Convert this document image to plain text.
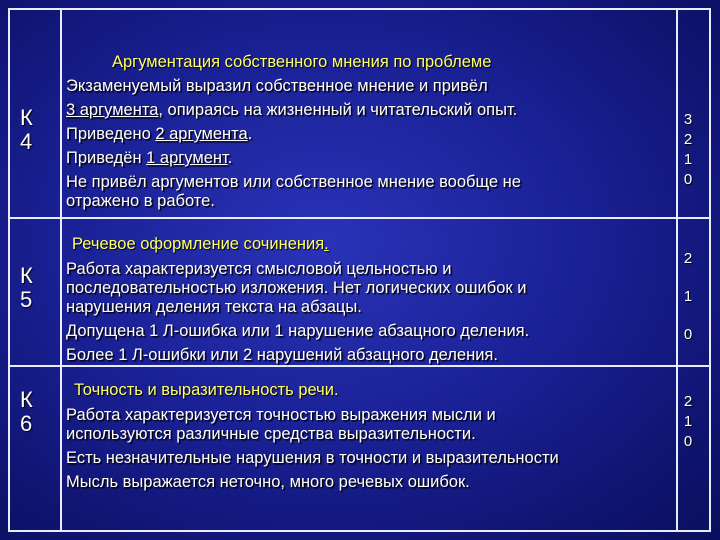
К
4
Аргументация собственного мнения по проблеме
Экзаменуемый выразил собственное мнение и привёл
3 аргумента, опираясь на жизненный и читательский опыт.
Приведено 2 аргумента.
Приведён 1 аргумент.
Не привёл аргументов или собственное мнение вообще не
отражено в работе.
3
2
1
0
К
5
Речевое оформление сочинения.
Работа характеризуется смысловой цельностью и
последовательностью изложения. Нет логических ошибок и
нарушения деления текста на абзацы.
Допущена 1 Л-ошибка или 1 нарушение абзацного деления.
Более 1 Л-ошибки или 2 нарушений абзацного деления.
2
1
0
К
6
Точность и выразительность речи.
Работа характеризуется точностью выражения мысли и
используются различные средства выразительности.
Есть незначительные нарушения в точности и выразительности
Мысль выражается неточно, много речевых ошибок.
2
1
0
